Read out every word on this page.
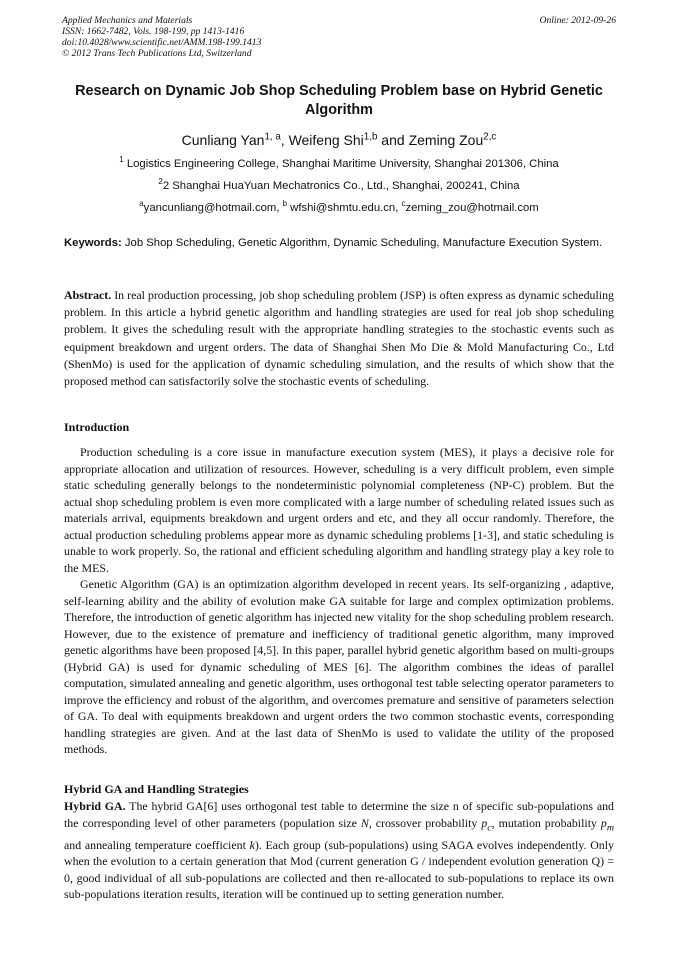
Applied Mechanics and Materials
ISSN: 1662-7482, Vols. 198-199, pp 1413-1416
doi:10.4028/www.scientific.net/AMM.198-199.1413
© 2012 Trans Tech Publications Ltd, Switzerland
Online: 2012-09-26
Research on Dynamic Job Shop Scheduling Problem base on Hybrid Genetic Algorithm
Cunliang Yan$^{1, a}$, Weifeng Shi$^{1,b}$ and Zeming Zou$^{2,c}$
$^1$ Logistics Engineering College, Shanghai Maritime University, Shanghai 201306, China
$^2$2 Shanghai HuaYuan Mechatronics Co., Ltd., Shanghai, 200241, China
$^a$yancunliang@hotmail.com, $^b$ wfshi@shmtu.edu.cn, $^c$zeming_zou@hotmail.com
Keywords: Job Shop Scheduling, Genetic Algorithm, Dynamic Scheduling, Manufacture Execution System.
Abstract. In real production processing, job shop scheduling problem (JSP) is often express as dynamic scheduling problem. In this article a hybrid genetic algorithm and handling strategies are used for real job shop scheduling problem. It gives the scheduling result with the appropriate handling strategies to the stochastic events such as equipment breakdown and urgent orders. The data of Shanghai Shen Mo Die & Mold Manufacturing Co., Ltd (ShenMo) is used for the application of dynamic scheduling simulation, and the results of which show that the proposed method can satisfactorily solve the stochastic events of scheduling.
Introduction

Production scheduling is a core issue in manufacture execution system (MES), it plays a decisive role for appropriate allocation and utilization of resources. However, scheduling is a very difficult problem, even simple static scheduling generally belongs to the nondeterministic polynomial completeness (NP-C) problem. But the actual shop scheduling problem is even more complicated with a large number of scheduling related issues such as materials arrival, equipments breakdown and urgent orders and etc, and they all occur randomly. Therefore, the actual production scheduling problems appear more as dynamic scheduling problems [1-3], and static scheduling is unable to work properly. So, the rational and efficient scheduling algorithm and handling strategy play a key role to the MES.

Genetic Algorithm (GA) is an optimization algorithm developed in recent years. Its self-organizing , adaptive, self-learning ability and the ability of evolution make GA suitable for large and complex optimization problems. Therefore, the introduction of genetic algorithm has injected new vitality for the shop scheduling problem research. However, due to the existence of premature and inefficiency of traditional genetic algorithm, many improved genetic algorithms have been proposed [4,5]. In this paper, parallel hybrid genetic algorithm based on multi-groups (Hybrid GA) is used for dynamic scheduling of MES [6]. The algorithm combines the ideas of parallel computation, simulated annealing and genetic algorithm, uses orthogonal test table selecting operator parameters to improve the efficiency and robust of the algorithm, and overcomes premature and sensitive of parameters selection of GA. To deal with equipments breakdown and urgent orders the two common stochastic events, corresponding handling strategies are given. And at the last data of ShenMo is used to validate the utility of the proposed methods.

Hybrid GA and Handling Strategies
Hybrid GA. The hybrid GA[6] uses orthogonal test table to determine the size n of specific sub-populations and the corresponding level of other parameters (population size N, crossover probability $p_c$, mutation probability $p_m$ and annealing temperature coefficient k). Each group (sub-populations) using SAGA evolves independently. Only when the evolution to a certain generation that Mod (current generation G / independent evolution generation Q) = 0, good individual of all sub-populations are collected and then re-allocated to sub-populations to replace its own sub-populations iteration results, iteration will be continued up to setting generation number.
